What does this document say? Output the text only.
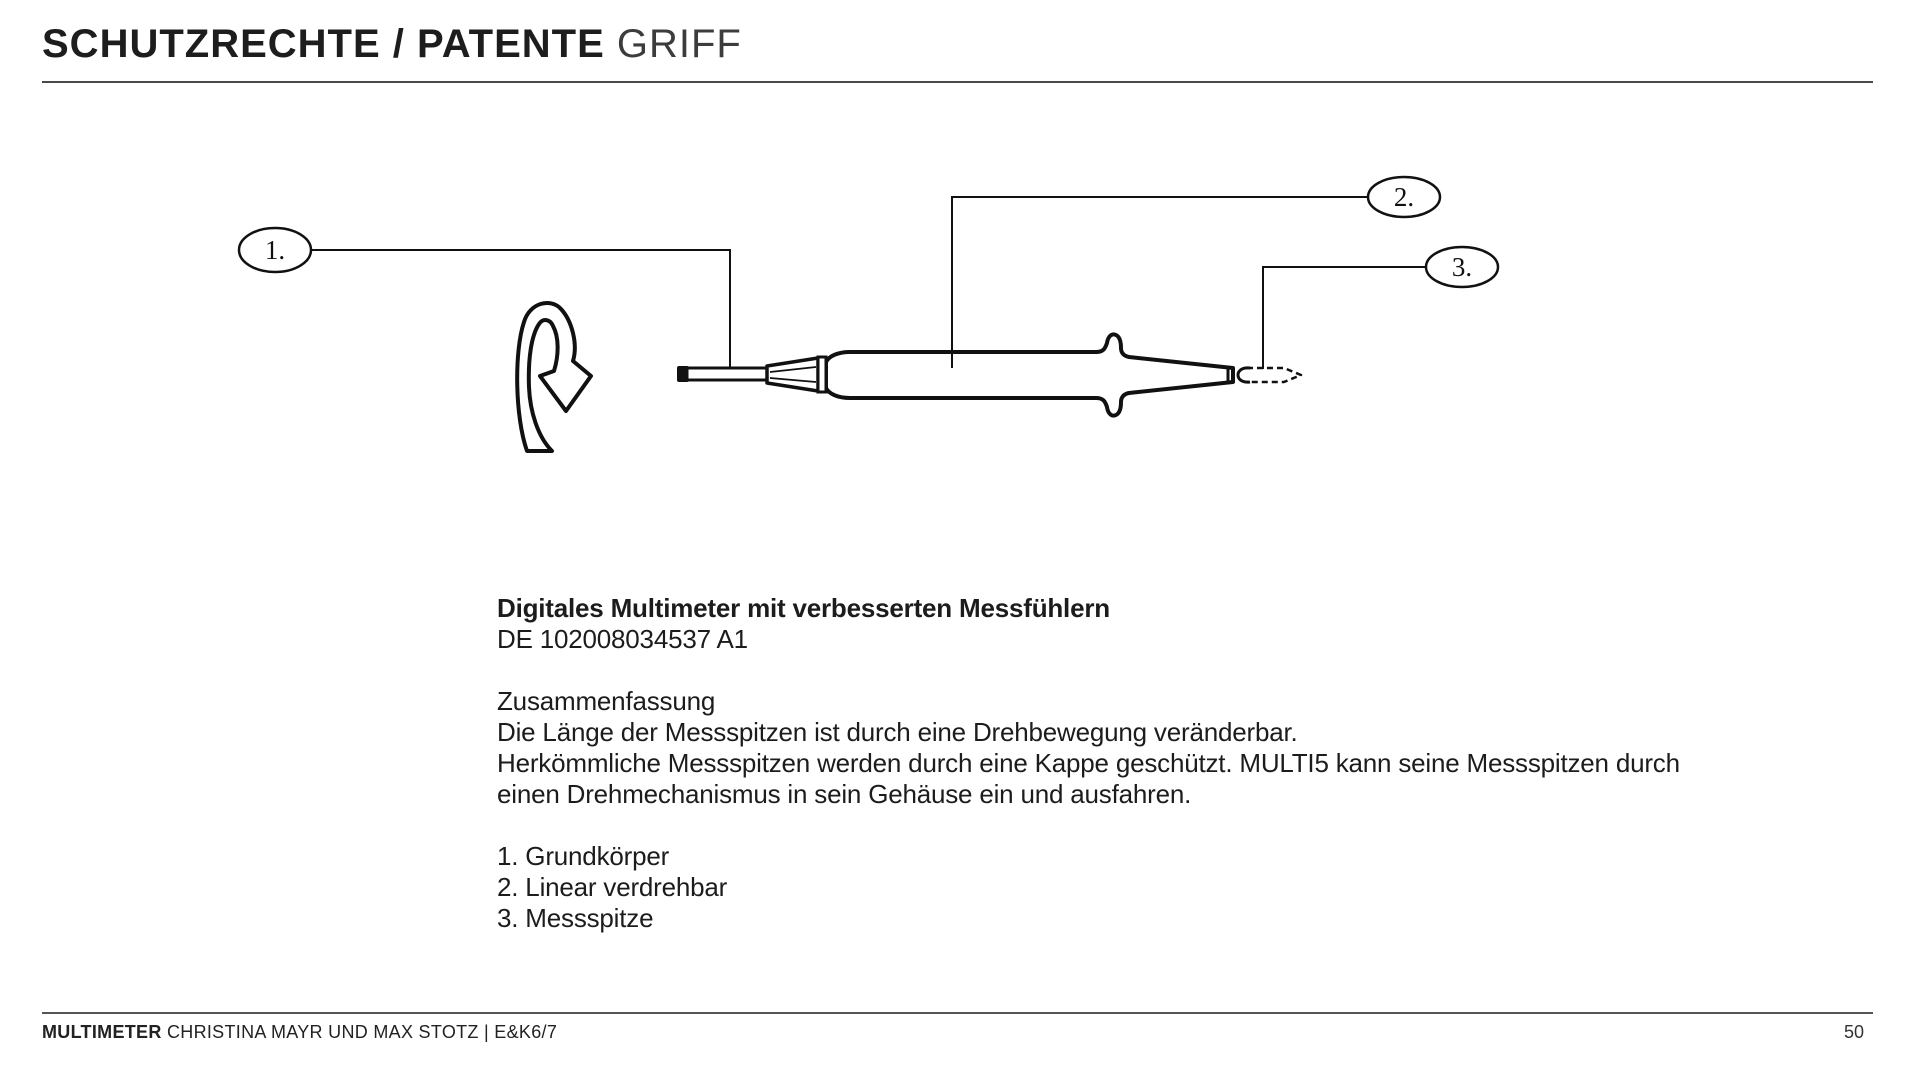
SCHUTZRECHTE / PATENTE GRIFF
1.
2.
3.

Digitales Multimeter mit verbesserten Messfühlern

DE 102008034537 A1

Zusammenfassung

Die Länge der Messspitzen ist durch eine Drehbewegung veränderbar.

Herkömmliche Messspitzen werden durch eine Kappe geschützt. MULTI5 kann seine Messspitzen durch

einen Drehmechanismus in sein Gehäuse ein und ausfahren.

1. Grundkörper

2. Linear verdrehbar

3. Messspitze

MULTIMETER CHRISTINA MAYR UND MAX STOTZ | E&K6/7	50
